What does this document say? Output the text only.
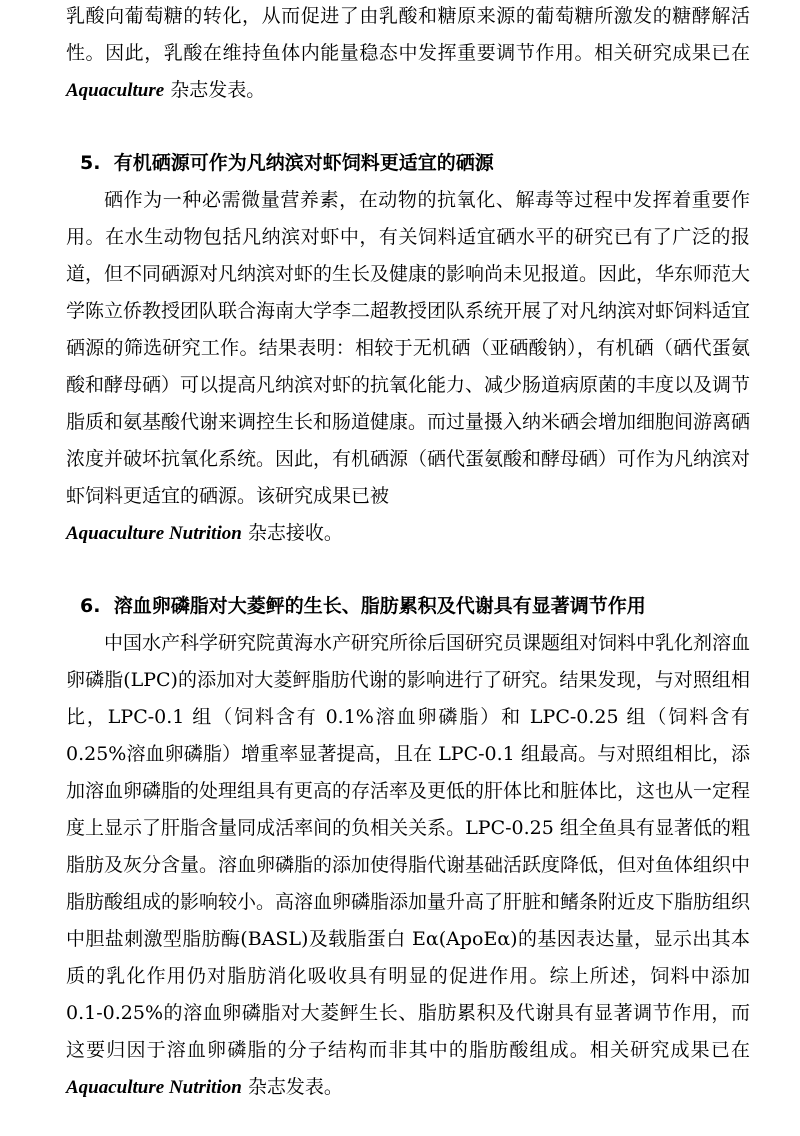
乳酸向葡萄糖的转化，从而促进了由乳酸和糖原来源的葡萄糖所激发的糖酵解活性。因此，乳酸在维持鱼体内能量稳态中发挥重要调节作用。相关研究成果已在 Aquaculture 杂志发表。

5. 有机硒源可作为凡纳滨对虾饲料更适宜的硒源

硒作为一种必需微量营养素，在动物的抗氧化、解毒等过程中发挥着重要作用。在水生动物包括凡纳滨对虾中，有关饲料适宜硒水平的研究已有了广泛的报道，但不同硒源对凡纳滨对虾的生长及健康的影响尚未见报道。因此，华东师范大学陈立侨教授团队联合海南大学李二超教授团队系统开展了对凡纳滨对虾饲料适宜硒源的筛选研究工作。结果表明：相较于无机硒（亚硒酸钠），有机硒（硒代蛋氨酸和酵母硒）可以提高凡纳滨对虾的抗氧化能力、减少肠道病原菌的丰度以及调节脂质和氨基酸代谢来调控生长和肠道健康。而过量摄入纳米硒会增加细胞间游离硒浓度并破坏抗氧化系统。因此，有机硒源（硒代蛋氨酸和酵母硒）可作为凡纳滨对虾饲料更适宜的硒源。该研究成果已被
Aquaculture Nutrition 杂志接收。

6. 溶血卵磷脂对大菱鲆的生长、脂肪累积及代谢具有显著调节作用

中国水产科学研究院黄海水产研究所徐后国研究员课题组对饲料中乳化剂溶血卵磷脂(LPC)的添加对大菱鲆脂肪代谢的影响进行了研究。结果发现，与对照组相比，LPC-0.1 组（饲料含有 0.1%溶血卵磷脂）和 LPC-0.25 组（饲料含有 0.25%溶血卵磷脂）增重率显著提高，且在 LPC-0.1 组最高。与对照组相比，添加溶血卵磷脂的处理组具有更高的存活率及更低的肝体比和脏体比，这也从一定程度上显示了肝脂含量同成活率间的负相关关系。LPC-0.25 组全鱼具有显著低的粗脂肪及灰分含量。溶血卵磷脂的添加使得脂代谢基础活跃度降低，但对鱼体组织中脂肪酸组成的影响较小。高溶血卵磷脂添加量升高了肝脏和鳍条附近皮下脂肪组织中胆盐刺激型脂肪酶(BASL)及载脂蛋白 Eα(ApoEα)的基因表达量，显示出其本质的乳化作用仍对脂肪消化吸收具有明显的促进作用。综上所述，饲料中添加 0.1-0.25%的溶血卵磷脂对大菱鲆生长、脂肪累积及代谢具有显著调节作用，而这要归因于溶血卵磷脂的分子结构而非其中的脂肪酸组成。相关研究成果已在 Aquaculture Nutrition 杂志发表。
